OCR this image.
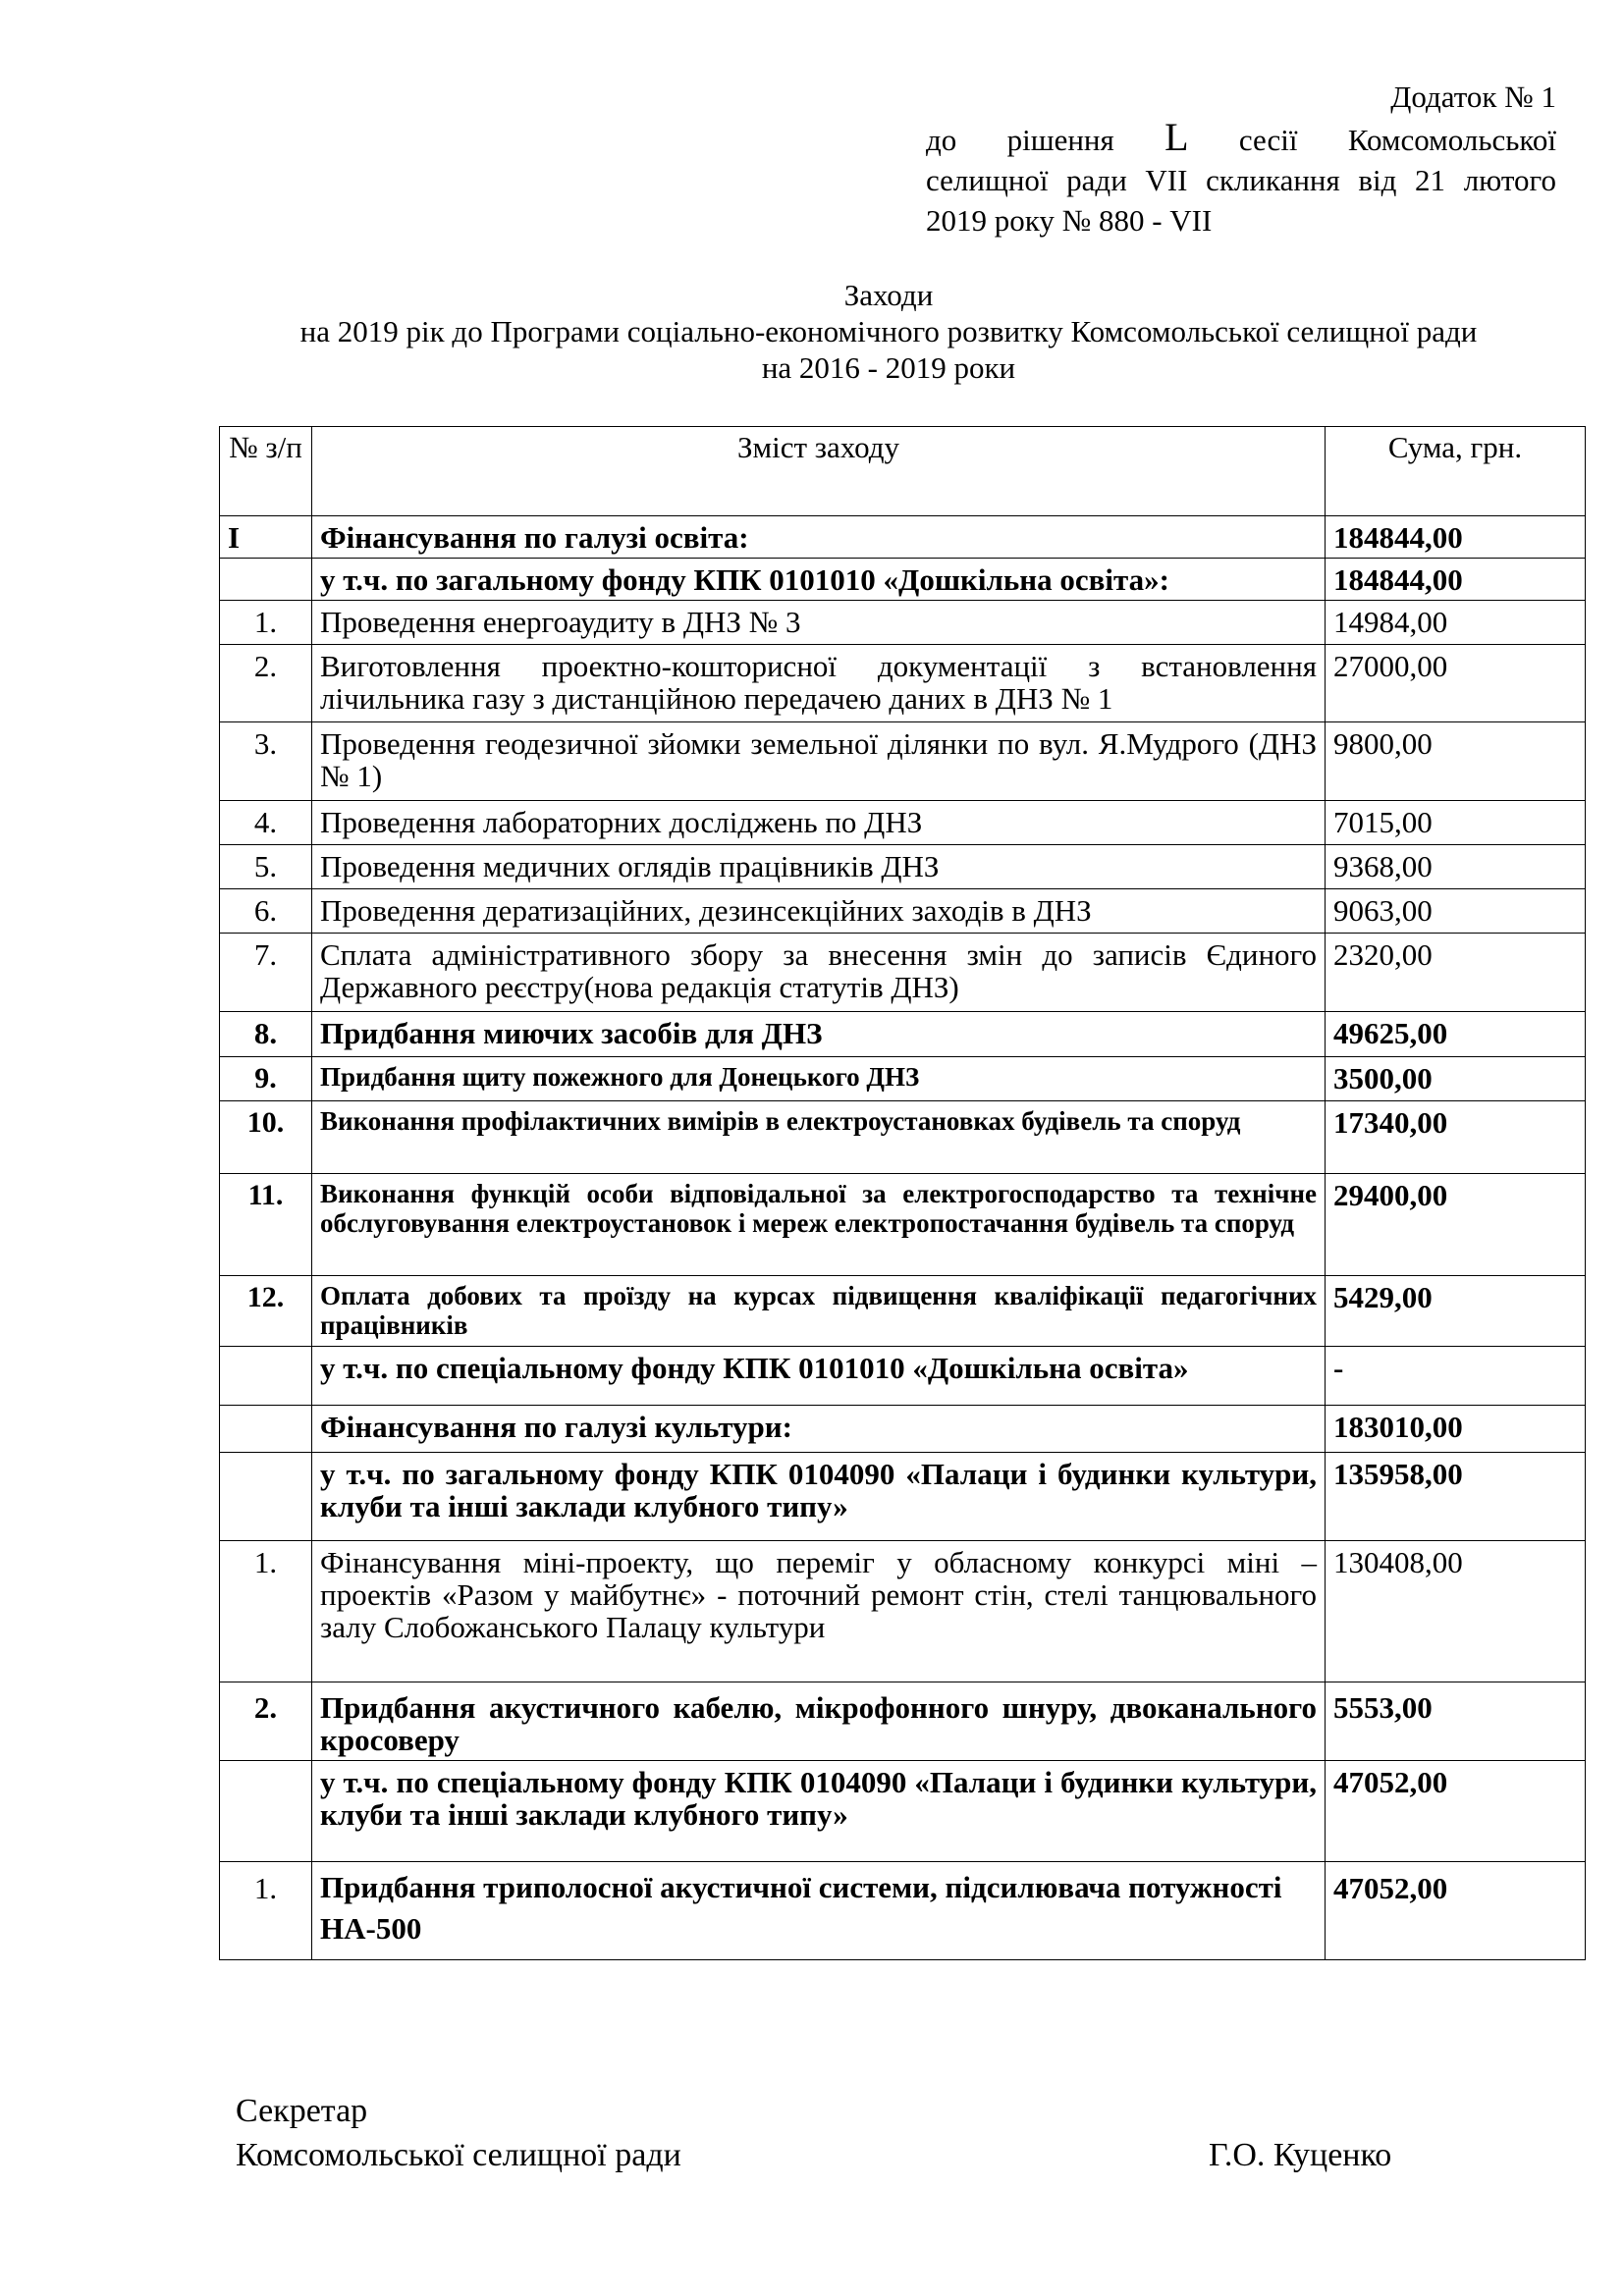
Додаток № 1
до рішення L сесії Комсомольської
селищної ради VII скликання від 21 лютого
2019 року № 880 - VII
Заходи
на 2019 рік до Програми соціально-економічного розвитку Комсомольської селищної ради
на 2016 - 2019 роки
№ з/п	Зміст заходу	Сума, грн.
I	Фінансування по галузі освіта:	184844,00
	у т.ч. по загальному фонду КПК 0101010 «Дошкільна освіта»:	184844,00
1.	Проведення енергоаудиту в ДНЗ № 3	14984,00
2.	Виготовлення проектно-кошторисної документації з встановлення лічильника газу з дистанційною передачею даних в ДНЗ № 1	27000,00
3.	Проведення геодезичної зйомки земельної ділянки по вул. Я.Мудрого (ДНЗ № 1)	9800,00
4.	Проведення лабораторних досліджень по ДНЗ	7015,00
5.	Проведення медичних оглядів працівників ДНЗ	9368,00
6.	Проведення дератизаційних, дезинсекційних заходів в ДНЗ	9063,00
7.	Сплата адміністративного збору за внесення змін до записів Єдиного Державного реєстру(нова редакція статутів ДНЗ)	2320,00
8.	Придбання миючих засобів для ДНЗ	49625,00
9.	Придбання щиту пожежного для Донецького ДНЗ	3500,00
10.	Виконання профілактичних вимірів в електроустановках будівель та споруд	17340,00
11.	Виконання функцій особи відповідальної за електрогосподарство та технічне обслуговування електроустановок і мереж електропостачання будівель та споруд	29400,00
12.	Оплата добових та проїзду на курсах підвищення кваліфікації педагогічних працівників	5429,00
	у т.ч. по спеціальному фонду КПК 0101010 «Дошкільна освіта»	-
	Фінансування по галузі культури:	183010,00
	у т.ч. по загальному фонду КПК 0104090 «Палаци і будинки культури, клуби та інші заклади клубного типу»	135958,00
1.	Фінансування міні-проекту, що переміг у обласному конкурсі міні – проектів «Разом у майбутнє» - поточний ремонт стін, стелі танцювального залу Слобожанського Палацу культури	130408,00
2.	Придбання акустичного кабелю, мікрофонного шнуру, двоканального кросоверу	5553,00
	у т.ч. по спеціальному фонду КПК 0104090 «Палаци і будинки культури, клуби та інші заклади клубного типу»	47052,00
1.	Придбання триполосної акустичної системи, підсилювача потужності НА-500	47052,00
Секретар
Комсомольської селищної ради	Г.О. Куценко
